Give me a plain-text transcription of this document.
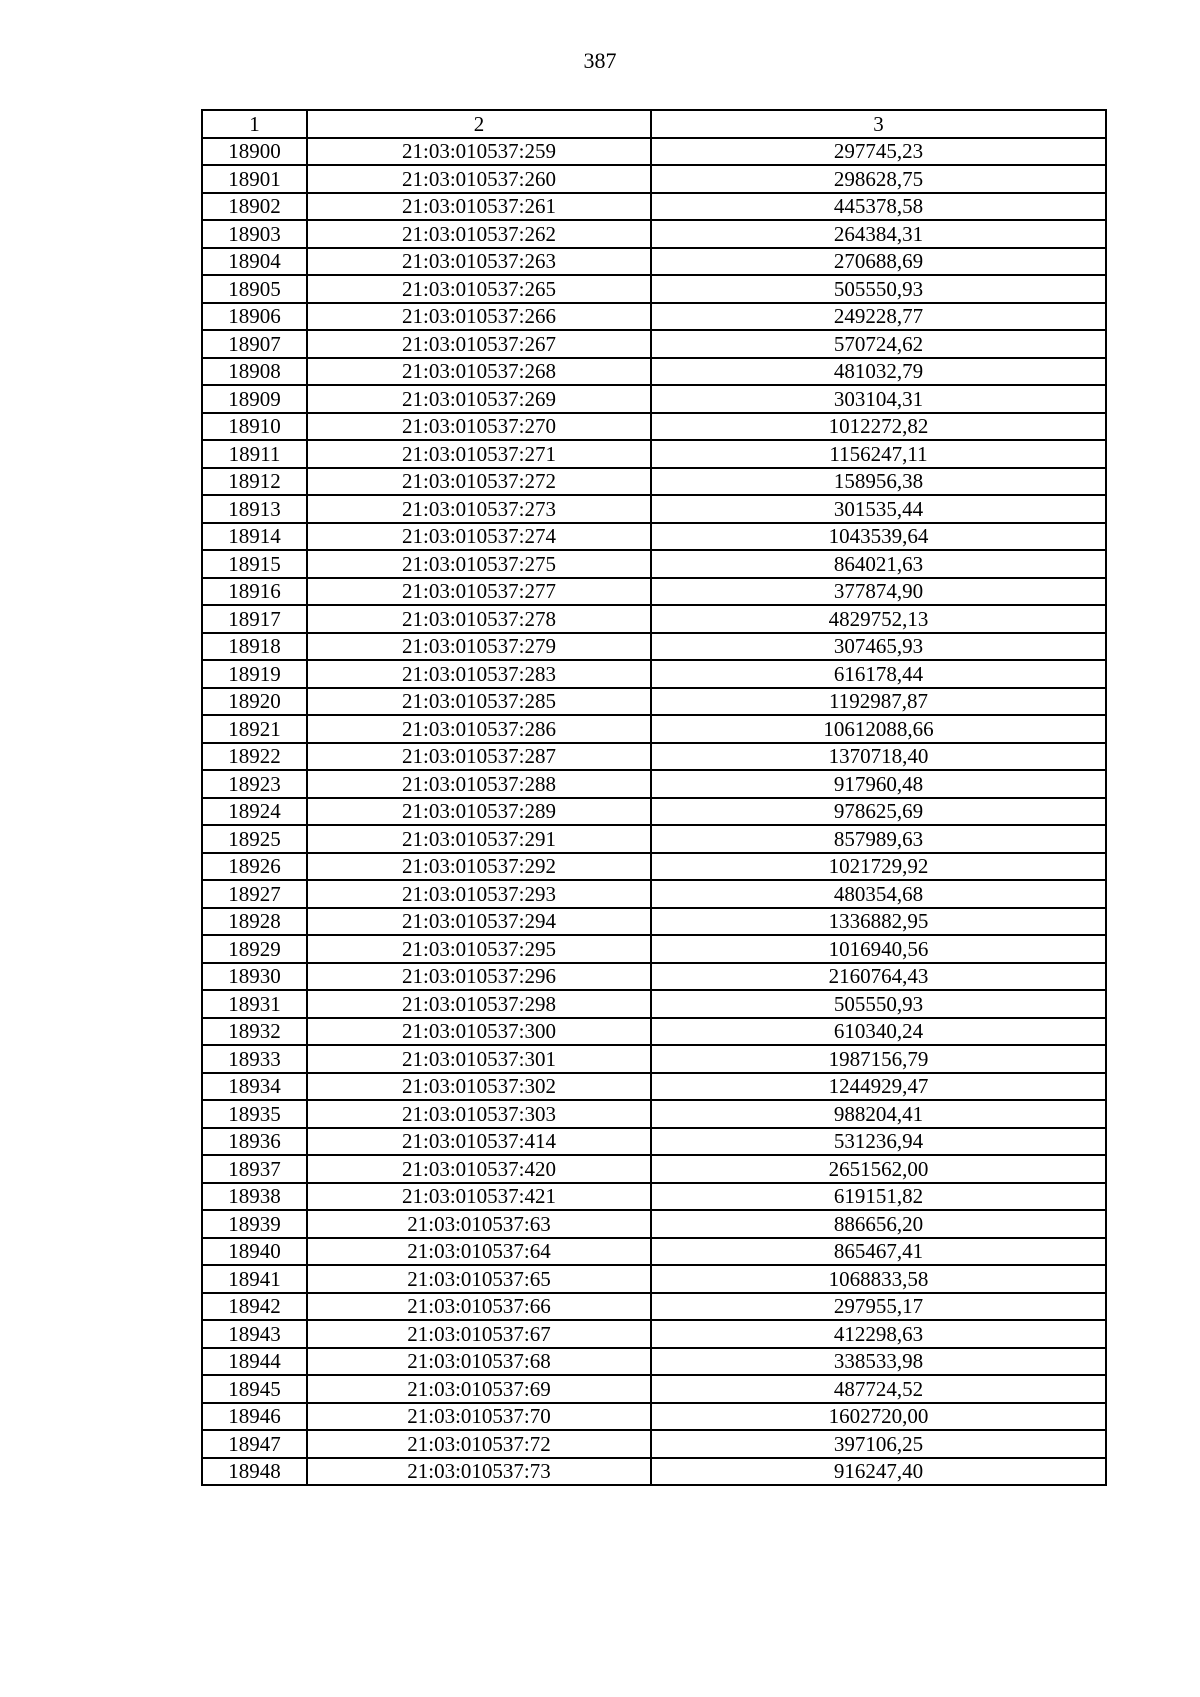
387
1	2	3
18900	21:03:010537:259	297745,23
18901	21:03:010537:260	298628,75
18902	21:03:010537:261	445378,58
18903	21:03:010537:262	264384,31
18904	21:03:010537:263	270688,69
18905	21:03:010537:265	505550,93
18906	21:03:010537:266	249228,77
18907	21:03:010537:267	570724,62
18908	21:03:010537:268	481032,79
18909	21:03:010537:269	303104,31
18910	21:03:010537:270	1012272,82
18911	21:03:010537:271	1156247,11
18912	21:03:010537:272	158956,38
18913	21:03:010537:273	301535,44
18914	21:03:010537:274	1043539,64
18915	21:03:010537:275	864021,63
18916	21:03:010537:277	377874,90
18917	21:03:010537:278	4829752,13
18918	21:03:010537:279	307465,93
18919	21:03:010537:283	616178,44
18920	21:03:010537:285	1192987,87
18921	21:03:010537:286	10612088,66
18922	21:03:010537:287	1370718,40
18923	21:03:010537:288	917960,48
18924	21:03:010537:289	978625,69
18925	21:03:010537:291	857989,63
18926	21:03:010537:292	1021729,92
18927	21:03:010537:293	480354,68
18928	21:03:010537:294	1336882,95
18929	21:03:010537:295	1016940,56
18930	21:03:010537:296	2160764,43
18931	21:03:010537:298	505550,93
18932	21:03:010537:300	610340,24
18933	21:03:010537:301	1987156,79
18934	21:03:010537:302	1244929,47
18935	21:03:010537:303	988204,41
18936	21:03:010537:414	531236,94
18937	21:03:010537:420	2651562,00
18938	21:03:010537:421	619151,82
18939	21:03:010537:63	886656,20
18940	21:03:010537:64	865467,41
18941	21:03:010537:65	1068833,58
18942	21:03:010537:66	297955,17
18943	21:03:010537:67	412298,63
18944	21:03:010537:68	338533,98
18945	21:03:010537:69	487724,52
18946	21:03:010537:70	1602720,00
18947	21:03:010537:72	397106,25
18948	21:03:010537:73	916247,40
